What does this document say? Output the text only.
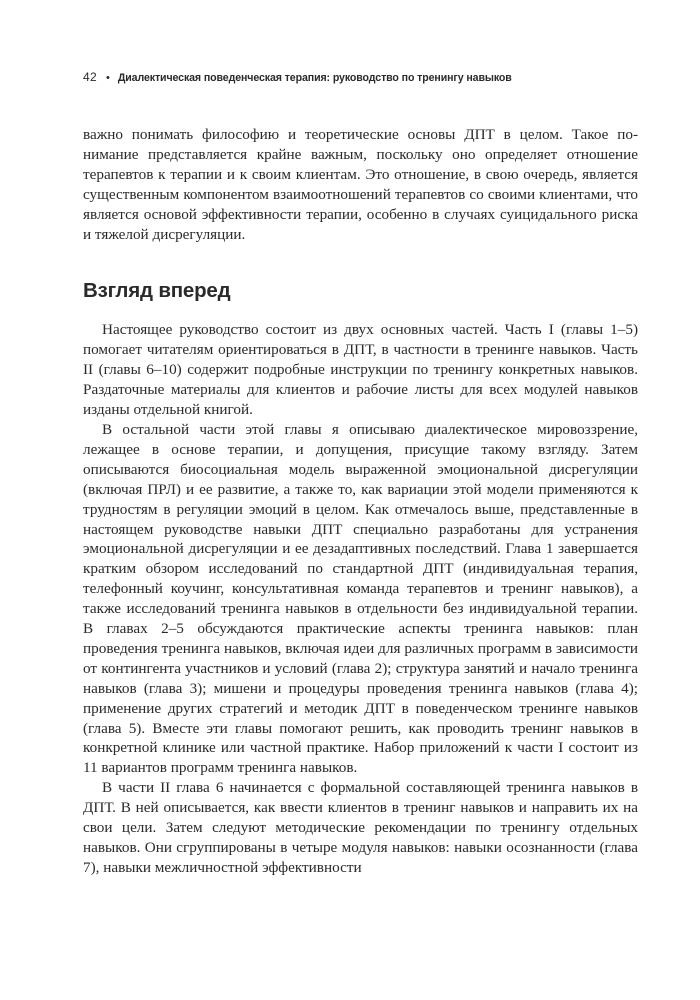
42 • Диалектическая поведенческая терапия: руководство по тренингу навыков

важно понимать философию и теоретические основы ДПТ в целом. Такое понимание представляется крайне важным, поскольку оно определяет отношение терапевтов к терапии и к своим клиентам. Это отношение, в свою очередь, является существенным компонентом взаимоотношений терапевтов со своими клиентами, что является основой эффективности терапии, особенно в случаях суицидального риска и тяжелой дисрегуляции.

Взгляд вперед

Настоящее руководство состоит из двух основных частей. Часть I (главы 1–5) помогает читателям ориентироваться в ДПТ, в частности в тренинге навыков. Часть II (главы 6–10) содержит подробные инструкции по тренингу конкретных навыков. Раздаточные материалы для клиентов и рабочие листы для всех модулей навыков изданы отдельной книгой.

В остальной части этой главы я описываю диалектическое мировоззрение, лежащее в основе терапии, и допущения, присущие такому взгляду. Затем описываются биосоциальная модель выраженной эмоциональной дисрегуляции (включая ПРЛ) и ее развитие, а также то, как вариации этой модели применяются к трудностям в регуляции эмоций в целом. Как отмечалось выше, представленные в настоящем руководстве навыки ДПТ специально разработаны для устранения эмоциональной дисрегуляции и ее дезадаптивных последствий. Глава 1 завершается кратким обзором исследований по стандартной ДПТ (индивидуальная терапия, телефонный коучинг, консультативная команда терапевтов и тренинг навыков), а также исследований тренинга навыков в отдельности без индивидуальной терапии. В главах 2–5 обсуждаются практические аспекты тренинга навыков: план проведения тренинга навыков, включая идеи для различных программ в зависимости от контингента участников и условий (глава 2); структура занятий и начало тренинга навыков (глава 3); мишени и процедуры проведения тренинга навыков (глава 4); применение других стратегий и методик ДПТ в поведенческом тренинге навыков (глава 5). Вместе эти главы помогают решить, как проводить тренинг навыков в конкретной клинике или частной практике. Набор приложений к части I состоит из 11 вариантов программ тренинга навыков.

В части II глава 6 начинается с формальной составляющей тренинга навыков в ДПТ. В ней описывается, как ввести клиентов в тренинг навыков и направить их на свои цели. Затем следуют методические рекомендации по тренингу отдельных навыков. Они сгруппированы в четыре модуля навыков: навыки осознанности (глава 7), навыки межличностной эффективности
